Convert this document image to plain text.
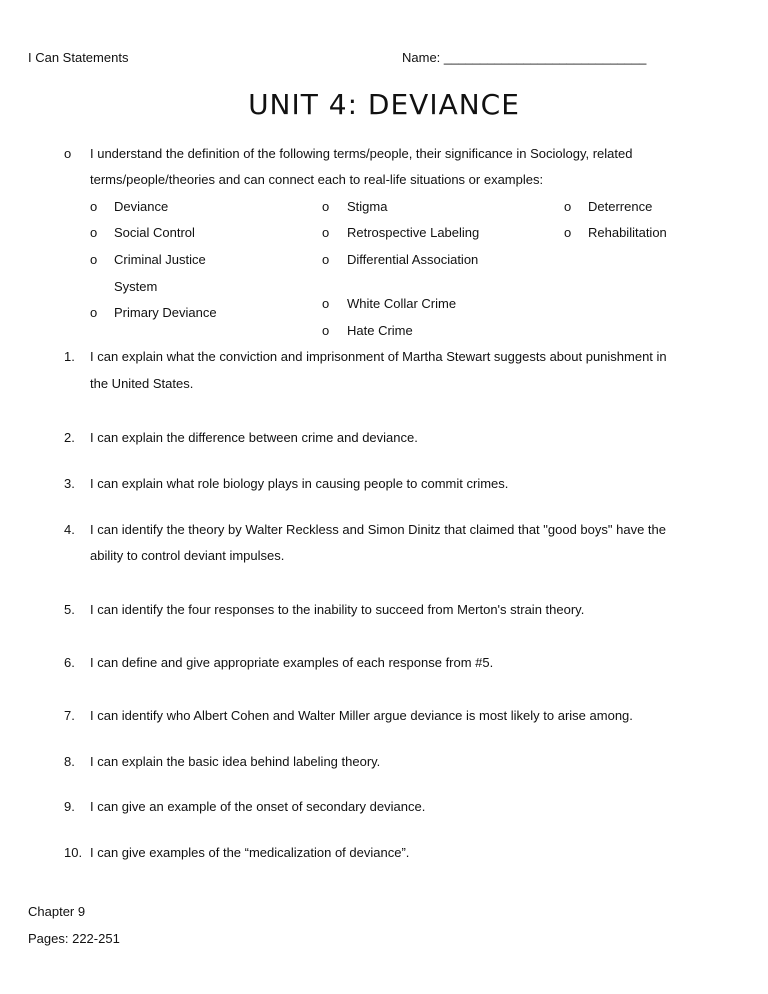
I Can Statements	Name: ____________________________
UNIT 4: DEVIANCE
o I understand the definition of the following terms/people, their significance in Sociology, related
terms/people/theories and can connect each to real-life situations or examples:
o Deviance
o Social Control
o Criminal Justice
System
o Primary Deviance
o Stigma
o Retrospective Labeling
o Differential Association
o White Collar Crime
o Hate Crime
o Deterrence
o Rehabilitation
1. I can explain what the conviction and imprisonment of Martha Stewart suggests about punishment in
the United States.
2. I can explain the difference between crime and deviance.
3. I can explain what role biology plays in causing people to commit crimes.
4. I can identify the theory by Walter Reckless and Simon Dinitz that claimed that "good boys" have the
ability to control deviant impulses.
5. I can identify the four responses to the inability to succeed from Merton's strain theory.
6. I can define and give appropriate examples of each response from #5.
7. I can identify who Albert Cohen and Walter Miller argue deviance is most likely to arise among.
8. I can explain the basic idea behind labeling theory.
9. I can give an example of the onset of secondary deviance.
10. I can give examples of the “medicalization of deviance”.
Chapter 9
Pages: 222-251
